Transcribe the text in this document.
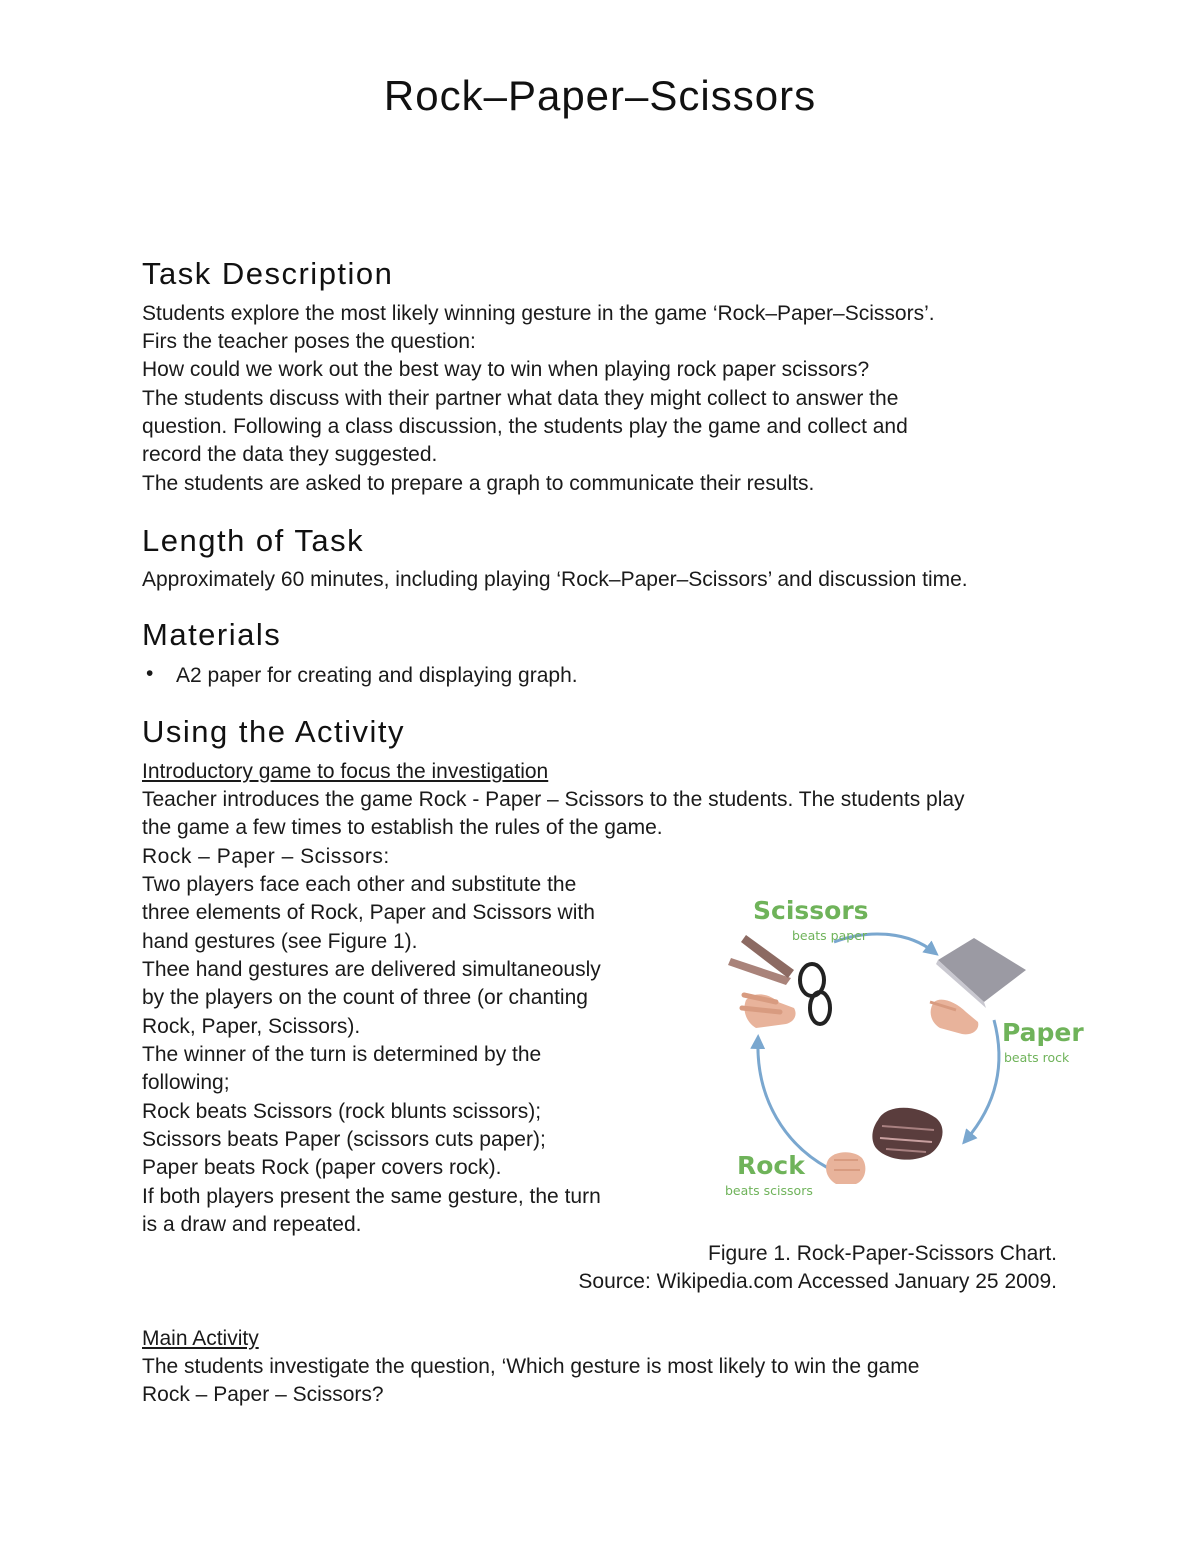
Rock–Paper–Scissors
Task Description
Students explore the most likely winning gesture in the game ‘Rock–Paper–Scissors’.
Firs the teacher poses the question:
How could we work out the best way to win when playing rock paper scissors?
The students discuss with their partner what data they might collect to answer the
question. Following a class discussion, the students play the game and collect and
record the data they suggested.
The students are asked to prepare a graph to communicate their results.
Length of Task
Approximately 60 minutes, including playing ‘Rock–Paper–Scissors’ and discussion time.
Materials
• A2 paper for creating and displaying graph.
Using the Activity
Introductory game to focus the investigation
Teacher introduces the game Rock - Paper – Scissors to the students. The students play
the game a few times to establish the rules of the game.
Rock – Paper – Scissors:
Two players face each other and substitute the
three elements of Rock, Paper and Scissors with
hand gestures (see Figure 1).
Thee hand gestures are delivered simultaneously
by the players on the count of three (or chanting
Rock, Paper, Scissors).
The winner of the turn is determined by the
following;
Rock beats Scissors (rock blunts scissors);
Scissors beats Paper (scissors cuts paper);
Paper beats Rock (paper covers rock).
If both players present the same gesture, the turn
is a draw and repeated.
Scissors
beats paper
Paper
beats rock
Rock
beats scissors
Figure 1. Rock-Paper-Scissors Chart.
Source: Wikipedia.com Accessed January 25 2009.
Main Activity
The students investigate the question, ‘Which gesture is most likely to win the game
Rock – Paper – Scissors?
